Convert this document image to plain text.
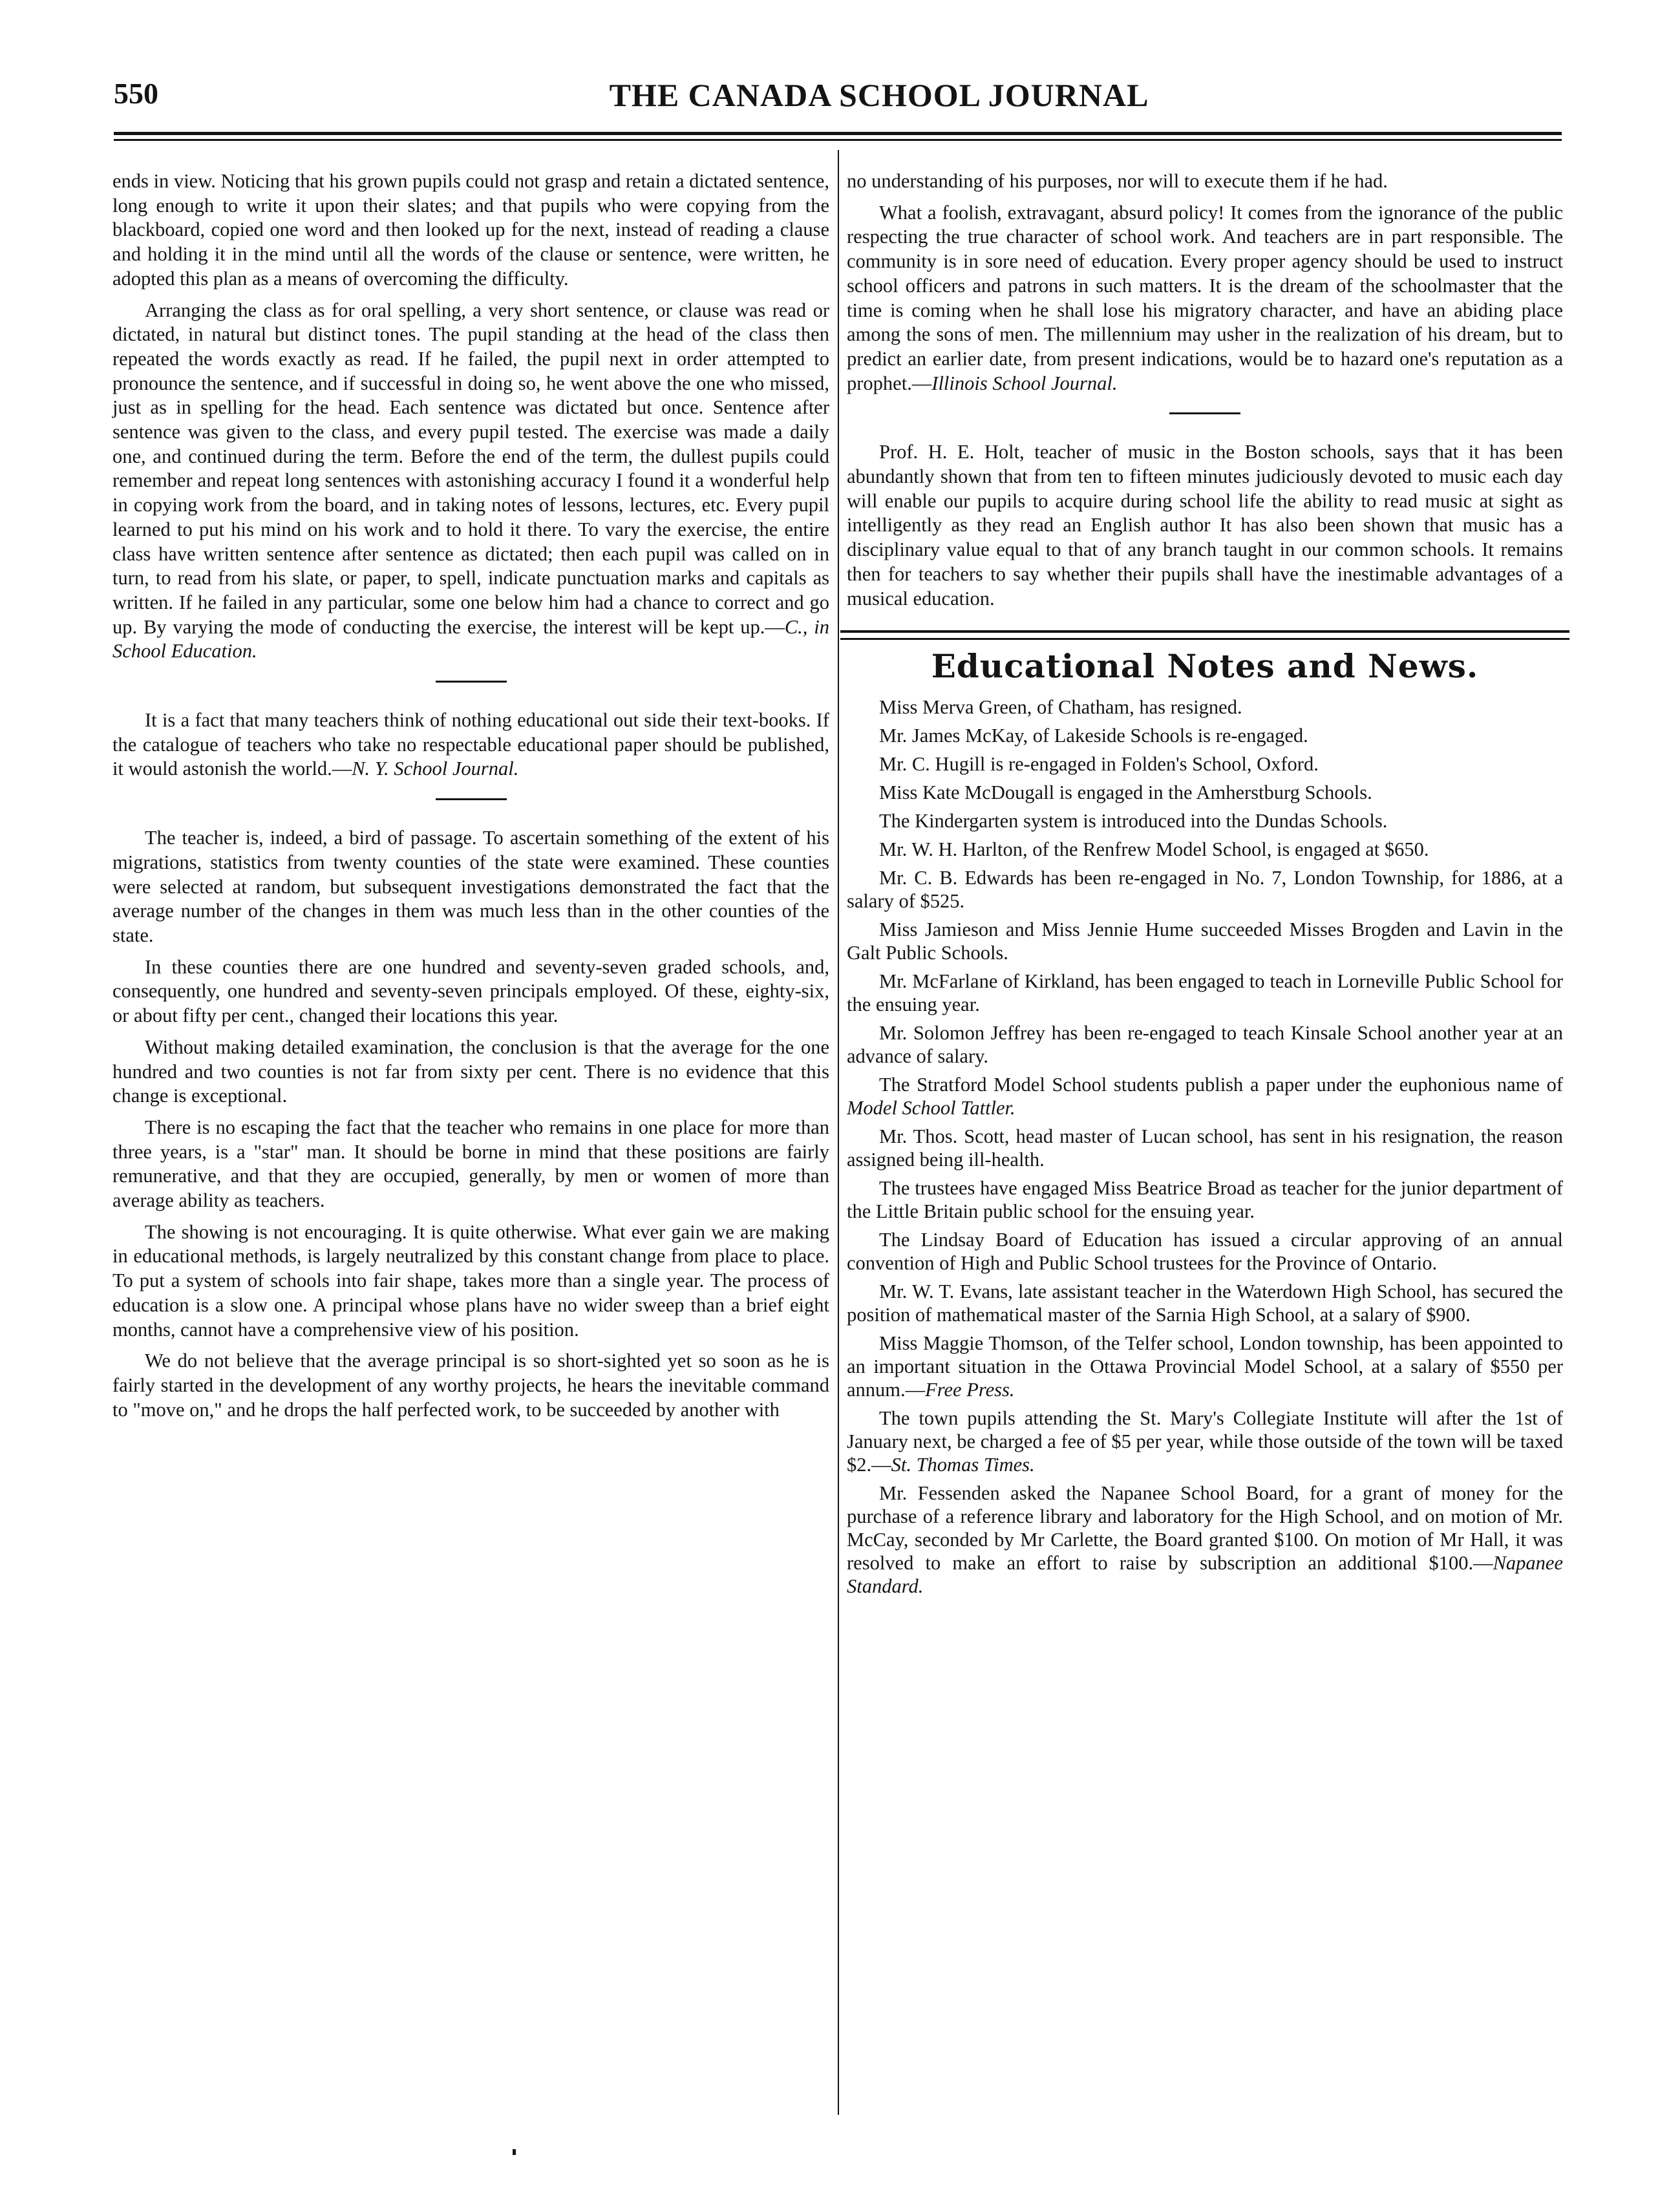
550	THE CANADA SCHOOL JOURNAL

ends in view. Noticing that his grown pupils could not grasp and retain a dictated sentence, long enough to write it upon their slates; and that pupils who were copying from the blackboard, copied one word and then looked up for the next, instead of reading a clause and holding it in the mind until all the words of the clause or sentence, were written, he adopted this plan as a means of overcoming the difficulty.

Arranging the class as for oral spelling, a very short sentence, or clause was read or dictated, in natural but distinct tones. The pupil standing at the head of the class then repeated the words exactly as read. If he failed, the pupil next in order attempted to pronounce the sentence, and if successful in doing so, he went above the one who missed, just as in spelling for the head. Each sentence was dictated but once. Sentence after sentence was given to the class, and every pupil tested. The exercise was made a daily one, and continued during the term. Before the end of the term, the dullest pupils could remember and repeat long sentences with astonishing accuracy I found it a wonderful help in copying work from the board, and in taking notes of lessons, lectures, etc. Every pupil learned to put his mind on his work and to hold it there. To vary the exercise, the entire class have written sentence after sentence as dictated; then each pupil was called on in turn, to read from his slate, or paper, to spell, indicate punctuation marks and capitals as written. If he failed in any particular, some one below him had a chance to correct and go up. By varying the mode of conducting the exercise, the interest will be kept up.—C., in School Education.

It is a fact that many teachers think of nothing educational out side their text-books. If the catalogue of teachers who take no respectable educational paper should be published, it would astonish the world.—N. Y. School Journal.

The teacher is, indeed, a bird of passage. To ascertain something of the extent of his migrations, statistics from twenty counties of the state were examined. These counties were selected at random, but subsequent investigations demonstrated the fact that the average number of the changes in them was much less than in the other counties of the state.

In these counties there are one hundred and seventy-seven graded schools, and, consequently, one hundred and seventy-seven principals employed. Of these, eighty-six, or about fifty per cent., changed their locations this year.

Without making detailed examination, the conclusion is that the average for the one hundred and two counties is not far from sixty per cent. There is no evidence that this change is exceptional.

There is no escaping the fact that the teacher who remains in one place for more than three years, is a "star" man. It should be borne in mind that these positions are fairly remunerative, and that they are occupied, generally, by men or women of more than average ability as teachers.

The showing is not encouraging. It is quite otherwise. What ever gain we are making in educational methods, is largely neutralized by this constant change from place to place. To put a system of schools into fair shape, takes more than a single year. The process of education is a slow one. A principal whose plans have no wider sweep than a brief eight months, cannot have a comprehensive view of his position.

We do not believe that the average principal is so short-sighted yet so soon as he is fairly started in the development of any worthy projects, he hears the inevitable command to "move on," and he drops the half perfected work, to be succeeded by another with

no understanding of his purposes, nor will to execute them if he had.

What a foolish, extravagant, absurd policy! It comes from the ignorance of the public respecting the true character of school work. And teachers are in part responsible. The community is in sore need of education. Every proper agency should be used to instruct school officers and patrons in such matters. It is the dream of the schoolmaster that the time is coming when he shall lose his migratory character, and have an abiding place among the sons of men. The millennium may usher in the realization of his dream, but to predict an earlier date, from present indications, would be to hazard one's reputation as a prophet.—Illinois School Journal.

Prof. H. E. Holt, teacher of music in the Boston schools, says that it has been abundantly shown that from ten to fifteen minutes judiciously devoted to music each day will enable our pupils to acquire during school life the ability to read music at sight as intelligently as they read an English author It has also been shown that music has a disciplinary value equal to that of any branch taught in our common schools. It remains then for teachers to say whether their pupils shall have the inestimable advantages of a musical education.

Educational Notes and News.

Miss Merva Green, of Chatham, has resigned.

Mr. James McKay, of Lakeside Schools is re-engaged.

Mr. C. Hugill is re-engaged in Folden's School, Oxford.

Miss Kate McDougall is engaged in the Amherstburg Schools.

The Kindergarten system is introduced into the Dundas Schools.

Mr. W. H. Harlton, of the Renfrew Model School, is engaged at $650.

Mr. C. B. Edwards has been re-engaged in No. 7, London Township, for 1886, at a salary of $525.

Miss Jamieson and Miss Jennie Hume succeeded Misses Brogden and Lavin in the Galt Public Schools.

Mr. McFarlane of Kirkland, has been engaged to teach in Lorneville Public School for the ensuing year.

Mr. Solomon Jeffrey has been re-engaged to teach Kinsale School another year at an advance of salary.

The Stratford Model School students publish a paper under the euphonious name of Model School Tattler.

Mr. Thos. Scott, head master of Lucan school, has sent in his resignation, the reason assigned being ill-health.

The trustees have engaged Miss Beatrice Broad as teacher for the junior department of the Little Britain public school for the ensuing year.

The Lindsay Board of Education has issued a circular approving of an annual convention of High and Public School trustees for the Province of Ontario.

Mr. W. T. Evans, late assistant teacher in the Waterdown High School, has secured the position of mathematical master of the Sarnia High School, at a salary of $900.

Miss Maggie Thomson, of the Telfer school, London township, has been appointed to an important situation in the Ottawa Provincial Model School, at a salary of $550 per annum.—Free Press.

The town pupils attending the St. Mary's Collegiate Institute will after the 1st of January next, be charged a fee of $5 per year, while those outside of the town will be taxed $2.—St. Thomas Times.

Mr. Fessenden asked the Napanee School Board, for a grant of money for the purchase of a reference library and laboratory for the High School, and on motion of Mr. McCay, seconded by Mr Carlette, the Board granted $100. On motion of Mr Hall, it was resolved to make an effort to raise by subscription an additional $100.—Napanee Standard.
